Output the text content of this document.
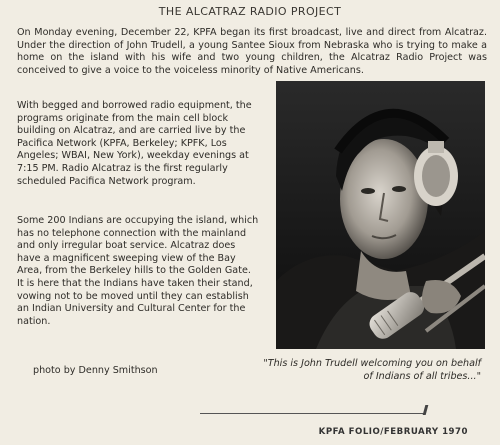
THE ALCATRAZ RADIO PROJECT
On Monday evening, December 22, KPFA began its first broadcast, live and direct from Alcatraz. Under the direction of John Trudell, a young Santee Sioux from Nebraska who is trying to make a home on the island with his wife and two young children, the Alcatraz Radio Project was conceived to give a voice to the voiceless minority of Native Americans.
With begged and borrowed radio equipment, the programs originate from the main cell block building on Alcatraz, and are carried live by the Pacifica Network (KPFA, Berkeley; KPFK, Los Angeles; WBAI, New York), weekday evenings at 7:15 PM. Radio Alcatraz is the first regularly scheduled Pacifica Network program.
Some 200 Indians are occupying the island, which has no telephone connection with the mainland and only irregular boat service. Alcatraz does have a magnificent sweeping view of the Bay Area, from the Berkeley hills to the Golden Gate. It is here that the Indians have taken their stand, vowing not to be moved until they can establish an Indian University and Cultural Center for the nation.
photo by Denny Smithson
"This is John Trudell welcoming you on behalf of Indians of all tribes..."
KPFA FOLIO/FEBRUARY 1970
